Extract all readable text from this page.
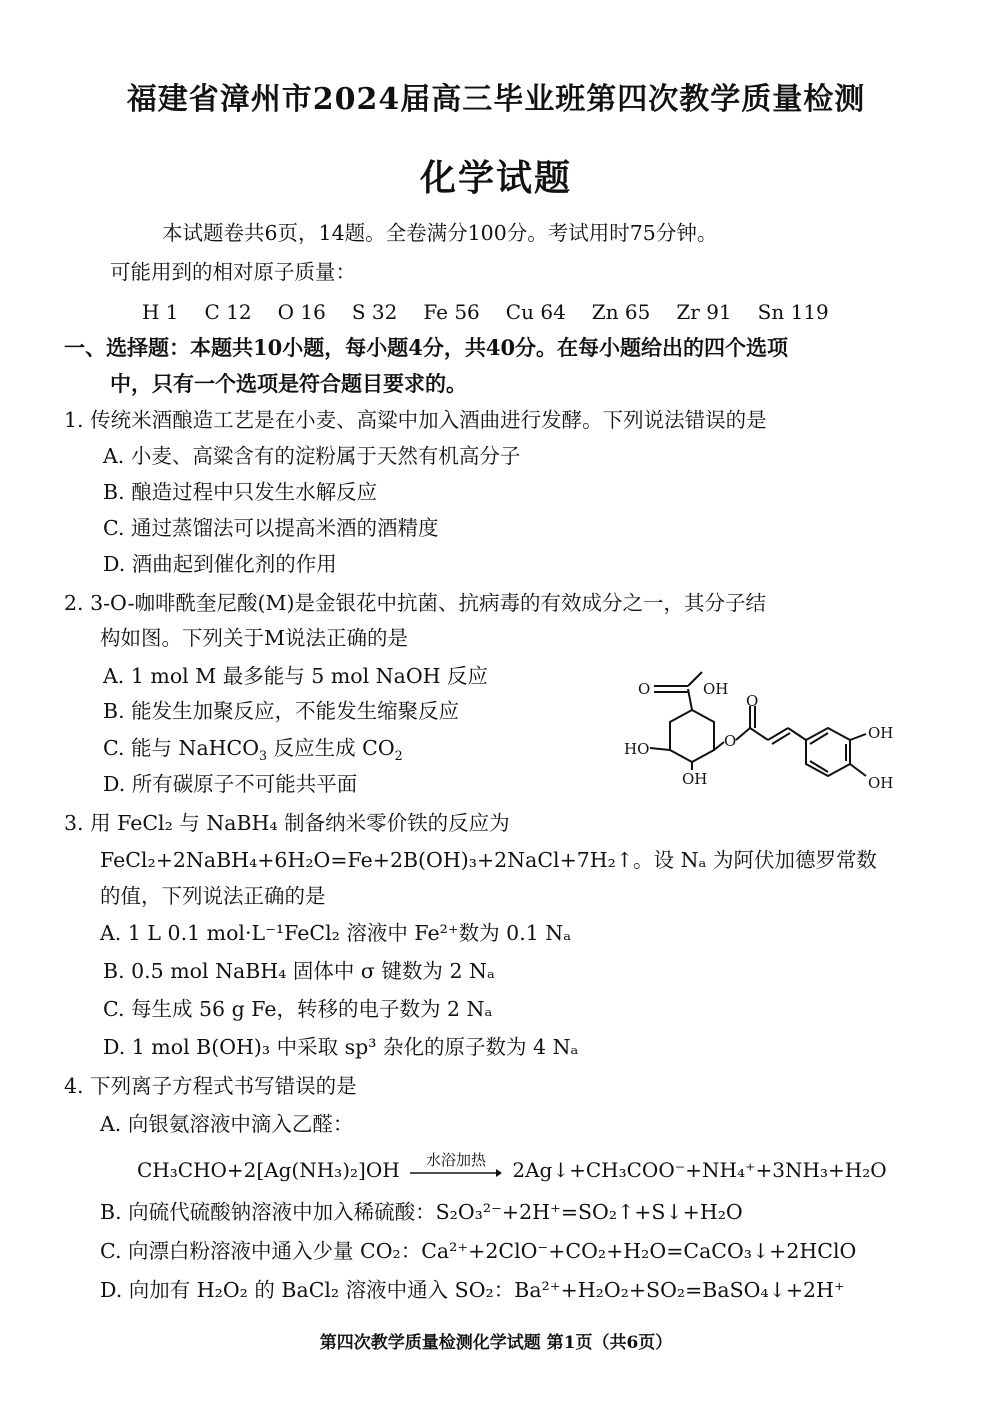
福建省漳州市2024届高三毕业班第四次教学质量检测
化学试题
本试题卷共6页，14题。全卷满分100分。考试用时75分钟。
可能用到的相对原子质量：
H 1 C 12 O 16 S 32 Fe 56 Cu 64 Zn 65 Zr 91 Sn 119
一、选择题：本题共10小题，每小题4分，共40分。在每小题给出的四个选项
中，只有一个选项是符合题目要求的。
1. 传统米酒酿造工艺是在小麦、高粱中加入酒曲进行发酵。下列说法错误的是
A. 小麦、高粱含有的淀粉属于天然有机高分子
B. 酿造过程中只发生水解反应
C. 通过蒸馏法可以提高米酒的酒精度
D. 酒曲起到催化剂的作用
2. 3-O-咖啡酰奎尼酸(M)是金银花中抗菌、抗病毒的有效成分之一，其分子结
构如图。下列关于M说法正确的是
A. 1 mol M 最多能与 5 mol NaOH 反应
B. 能发生加聚反应，不能发生缩聚反应
C. 能与 NaHCO$_3$ 反应生成 $CO_2$
D. 所有碳原子不可能共平面
O	OH
HO
OH
O
O
OH
OH
3. 用 FeCl₂ 与 NaBH₄ 制备纳米零价铁的反应为
FeCl₂+2NaBH₄+6H₂O=Fe+2B(OH)₃+2NaCl+7H₂↑。设 Nₐ 为阿伏加德罗常数
的值，下列说法正确的是
A. 1 L 0.1 mol·L⁻¹FeCl₂ 溶液中 Fe²⁺数为 0.1 Nₐ
B. 0.5 mol NaBH₄ 固体中 σ 键数为 2 Nₐ
C. 每生成 56 g Fe，转移的电子数为 2 Nₐ
D. 1 mol B(OH)₃ 中采取 sp³ 杂化的原子数为 4 Nₐ
4. 下列离子方程式书写错误的是
A. 向银氨溶液中滴入乙醛：
CH₃CHO+2[Ag(NH₃)₂]OH	水浴加热	2Ag↓+CH₃COO⁻+NH₄⁺+3NH₃+H₂O
B. 向硫代硫酸钠溶液中加入稀硫酸：S₂O₃²⁻+2H⁺=SO₂↑+S↓+H₂O
C. 向漂白粉溶液中通入少量 CO₂：Ca²⁺+2ClO⁻+CO₂+H₂O=CaCO₃↓+2HClO
D. 向加有 H₂O₂ 的 BaCl₂ 溶液中通入 SO₂：Ba²⁺+H₂O₂+SO₂=BaSO₄↓+2H⁺
第四次教学质量检测化学试题 第1页（共6页）
